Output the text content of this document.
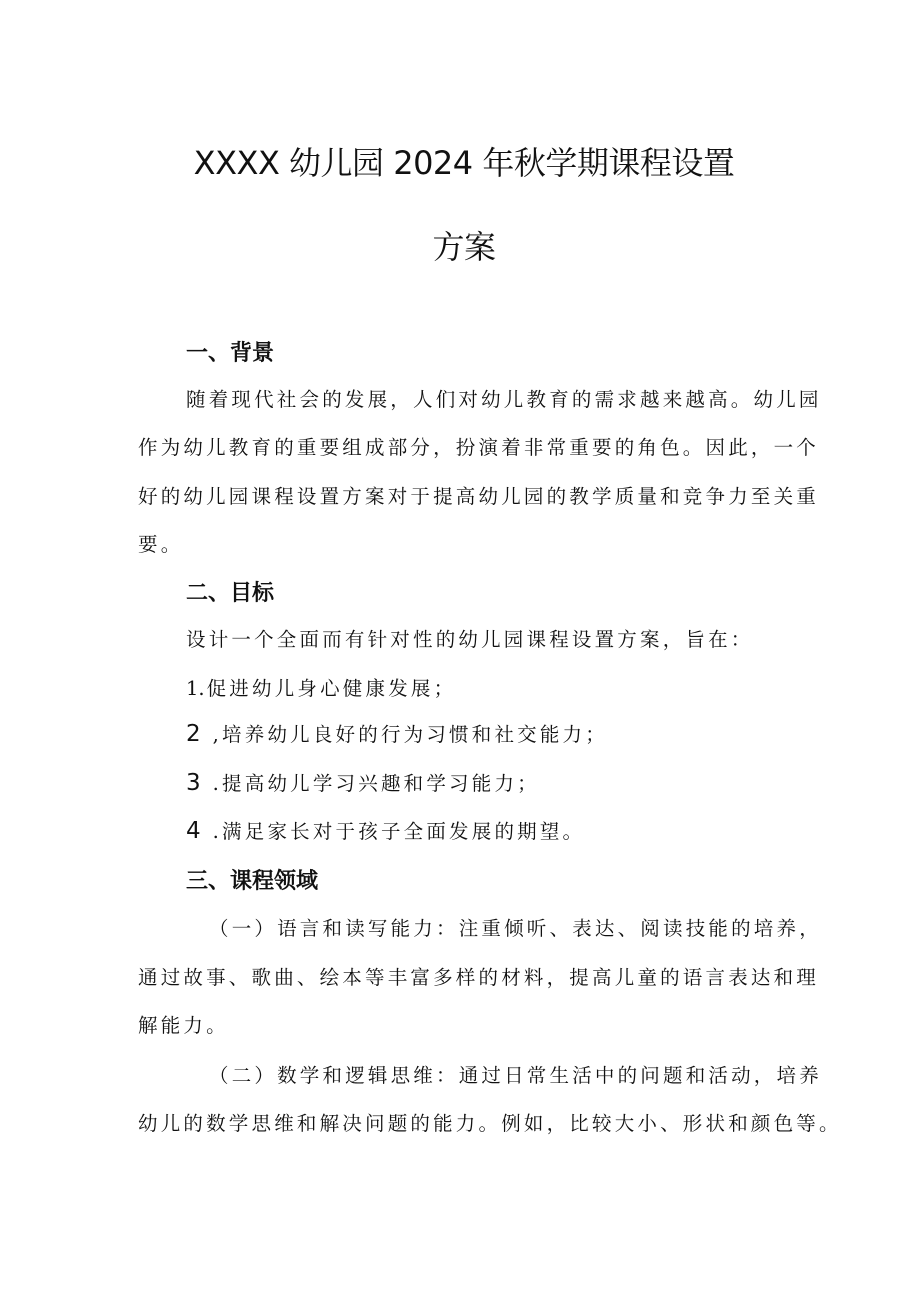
XXXX 幼儿园 2024 年秋学期课程设置
方案
一、背景

随着现代社会的发展，人们对幼儿教育的需求越来越高。幼儿园

作为幼儿教育的重要组成部分，扮演着非常重要的角色。因此，一个

好的幼儿园课程设置方案对于提高幼儿园的教学质量和竞争力至关重

要。

二、目标

设计一个全面而有针对性的幼儿园课程设置方案，旨在：

1. 促进幼儿身心健康发展；

2 ,培养幼儿良好的行为习惯和社交能力；

3 .提高幼儿学习兴趣和学习能力；

4 .满足家长对于孩子全面发展的期望。

三、课程领域

（一）语言和读写能力：注重倾听、表达、阅读技能的培养，

通过故事、歌曲、绘本等丰富多样的材料，提高儿童的语言表达和理

解能力。

（二）数学和逻辑思维：通过日常生活中的问题和活动，培养

幼儿的数学思维和解决问题的能力。例如，比较大小、形状和颜色等。
